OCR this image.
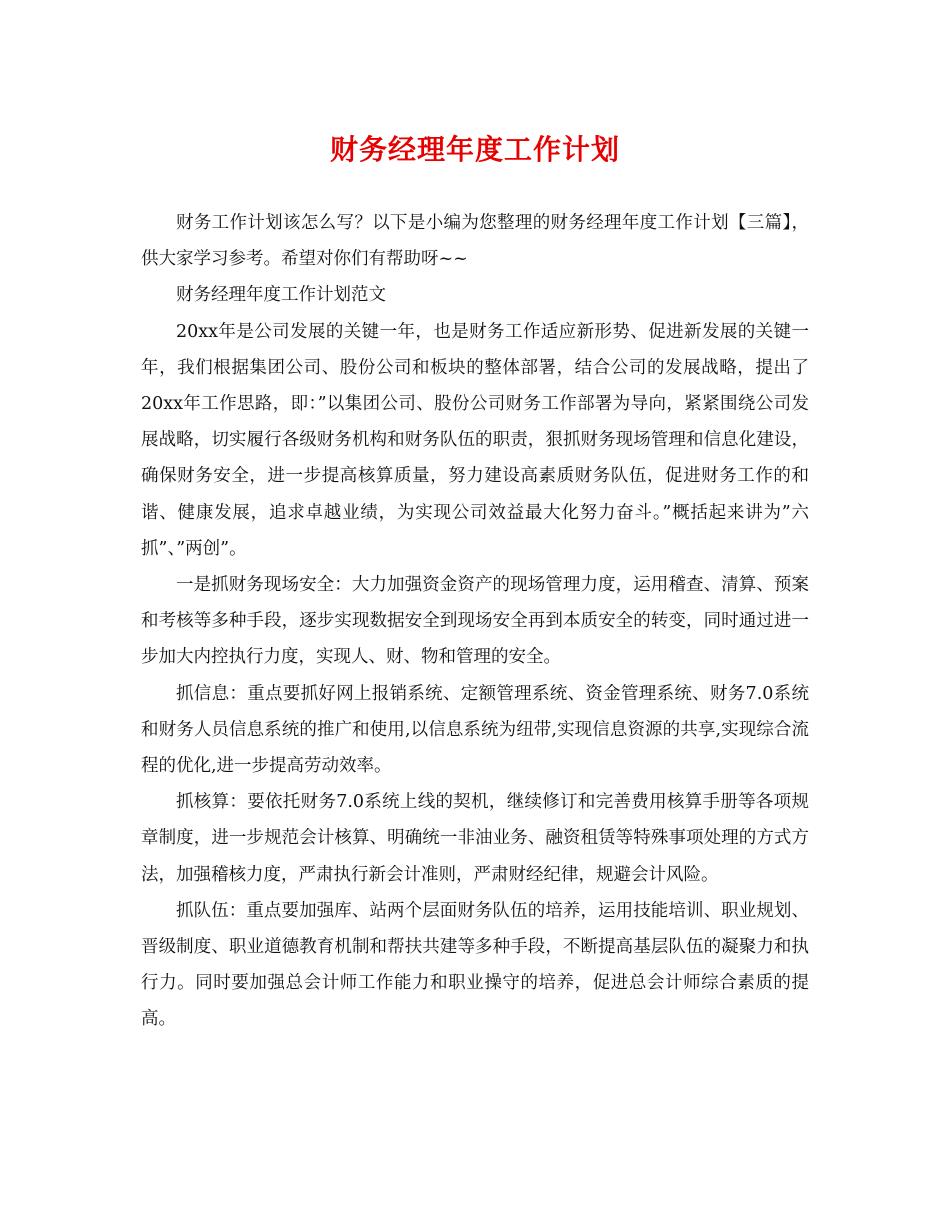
财务经理年度工作计划

财务工作计划该怎么写？以下是小编为您整理的财务经理年度工作计划【三篇】，供大家学习参考。希望对你们有帮助呀~~

财务经理年度工作计划范文

20xx年是公司发展的关键一年，也是财务工作适应新形势、促进新发展的关键一年，我们根据集团公司、股份公司和板块的整体部署，结合公司的发展战略，提出了20xx年工作思路，即：”以集团公司、股份公司财务工作部署为导向，紧紧围绕公司发展战略，切实履行各级财务机构和财务队伍的职责，狠抓财务现场管理和信息化建设，确保财务安全，进一步提高核算质量，努力建设高素质财务队伍，促进财务工作的和谐、健康发展，追求卓越业绩，为实现公司效益最大化努力奋斗。”概括起来讲为”六抓”、”两创”。

一是抓财务现场安全：大力加强资金资产的现场管理力度，运用稽查、清算、预案和考核等多种手段，逐步实现数据安全到现场安全再到本质安全的转变，同时通过进一步加大内控执行力度，实现人、财、物和管理的安全。

抓信息：重点要抓好网上报销系统、定额管理系统、资金管理系统、财务7.0系统和财务人员信息系统的推广和使用,以信息系统为纽带,实现信息资源的共享,实现综合流程的优化,进一步提高劳动效率。

抓核算：要依托财务7.0系统上线的契机，继续修订和完善费用核算手册等各项规章制度，进一步规范会计核算、明确统一非油业务、融资租赁等特殊事项处理的方式方法，加强稽核力度，严肃执行新会计准则，严肃财经纪律，规避会计风险。

抓队伍：重点要加强库、站两个层面财务队伍的培养，运用技能培训、职业规划、晋级制度、职业道德教育机制和帮扶共建等多种手段，不断提高基层队伍的凝聚力和执行力。同时要加强总会计师工作能力和职业操守的培养，促进总会计师综合素质的提高。
